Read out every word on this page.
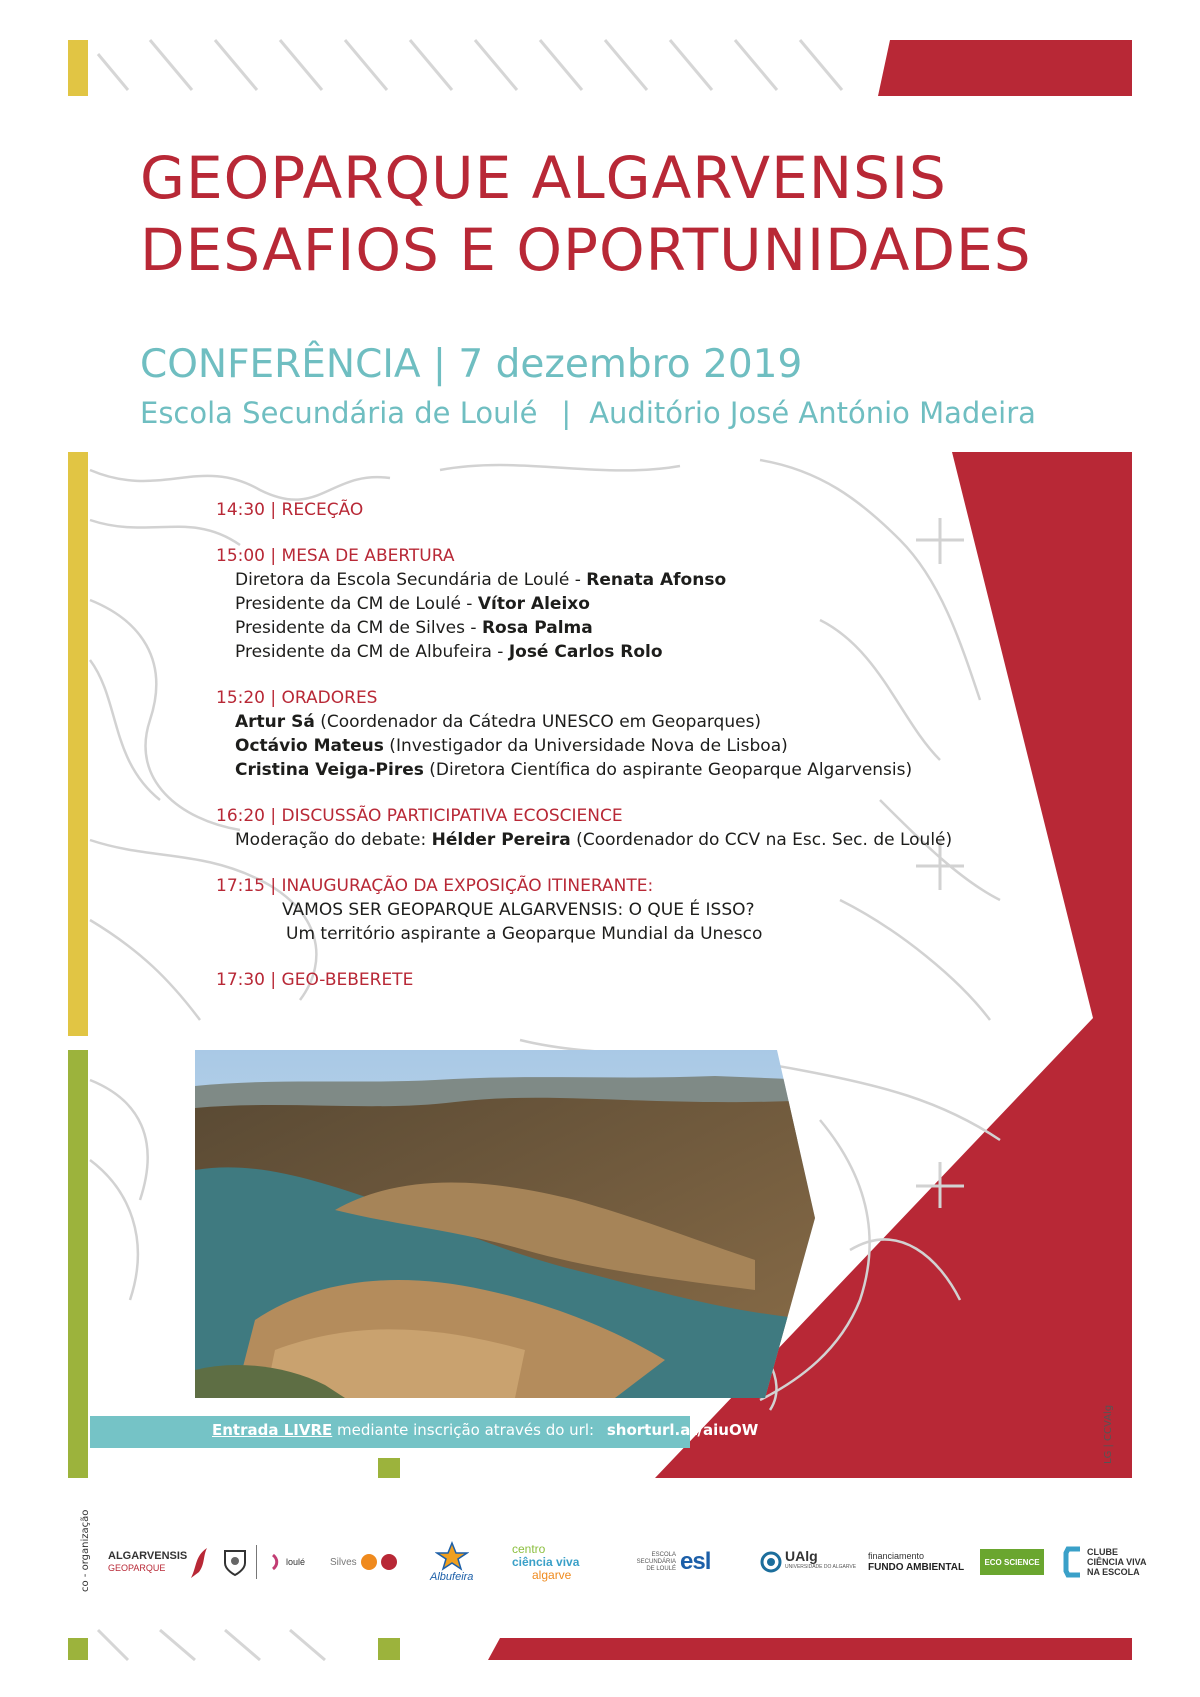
GEOPARQUE ALGARVENSIS
DESAFIOS E OPORTUNIDADES
CONFERÊNCIA | 7 dezembro 2019
Escola Secundária de Loulé | Auditório José António Madeira
14:30 | RECEÇÃO
15:00 | MESA DE ABERTURA
Diretora da Escola Secundária de Loulé - Renata Afonso
Presidente da CM de Loulé - Vítor Aleixo
Presidente da CM de Silves - Rosa Palma
Presidente da CM de Albufeira - José Carlos Rolo
15:20 | ORADORES
Artur Sá (Coordenador da Cátedra UNESCO em Geoparques)
Octávio Mateus (Investigador da Universidade Nova de Lisboa)
Cristina Veiga-Pires (Diretora Científica do aspirante Geoparque Algarvensis)
16:20 | DISCUSSÃO PARTICIPATIVA ECOSCIENCE
Moderação do debate: Hélder Pereira (Coordenador do CCV na Esc. Sec. de Loulé)
17:15 | INAUGURAÇÃO DA EXPOSIÇÃO ITINERANTE:
VAMOS SER GEOPARQUE ALGARVENSIS: O QUE É ISSO?
Um território aspirante a Geoparque Mundial da Unesco
17:30 | GEO-BEBERETE
Entrada LIVRE mediante inscrição através do url: shorturl.at/aiuOW	LG | CCVAlg
co - organização ALGARVENSIS
GEOPARQUE
loulé Silves
Albufeira
centro
ciência viva
algarve
ESCOLA SECUNDÁRIA DE LOULÉ esl	UAlg
UNIVERSIDADE DO ALGARVE
financiamento
FUNDO AMBIENTAL	ECO SCIENCE
CLUBE
CIÊNCIA VIVA
NA ESCOLA
